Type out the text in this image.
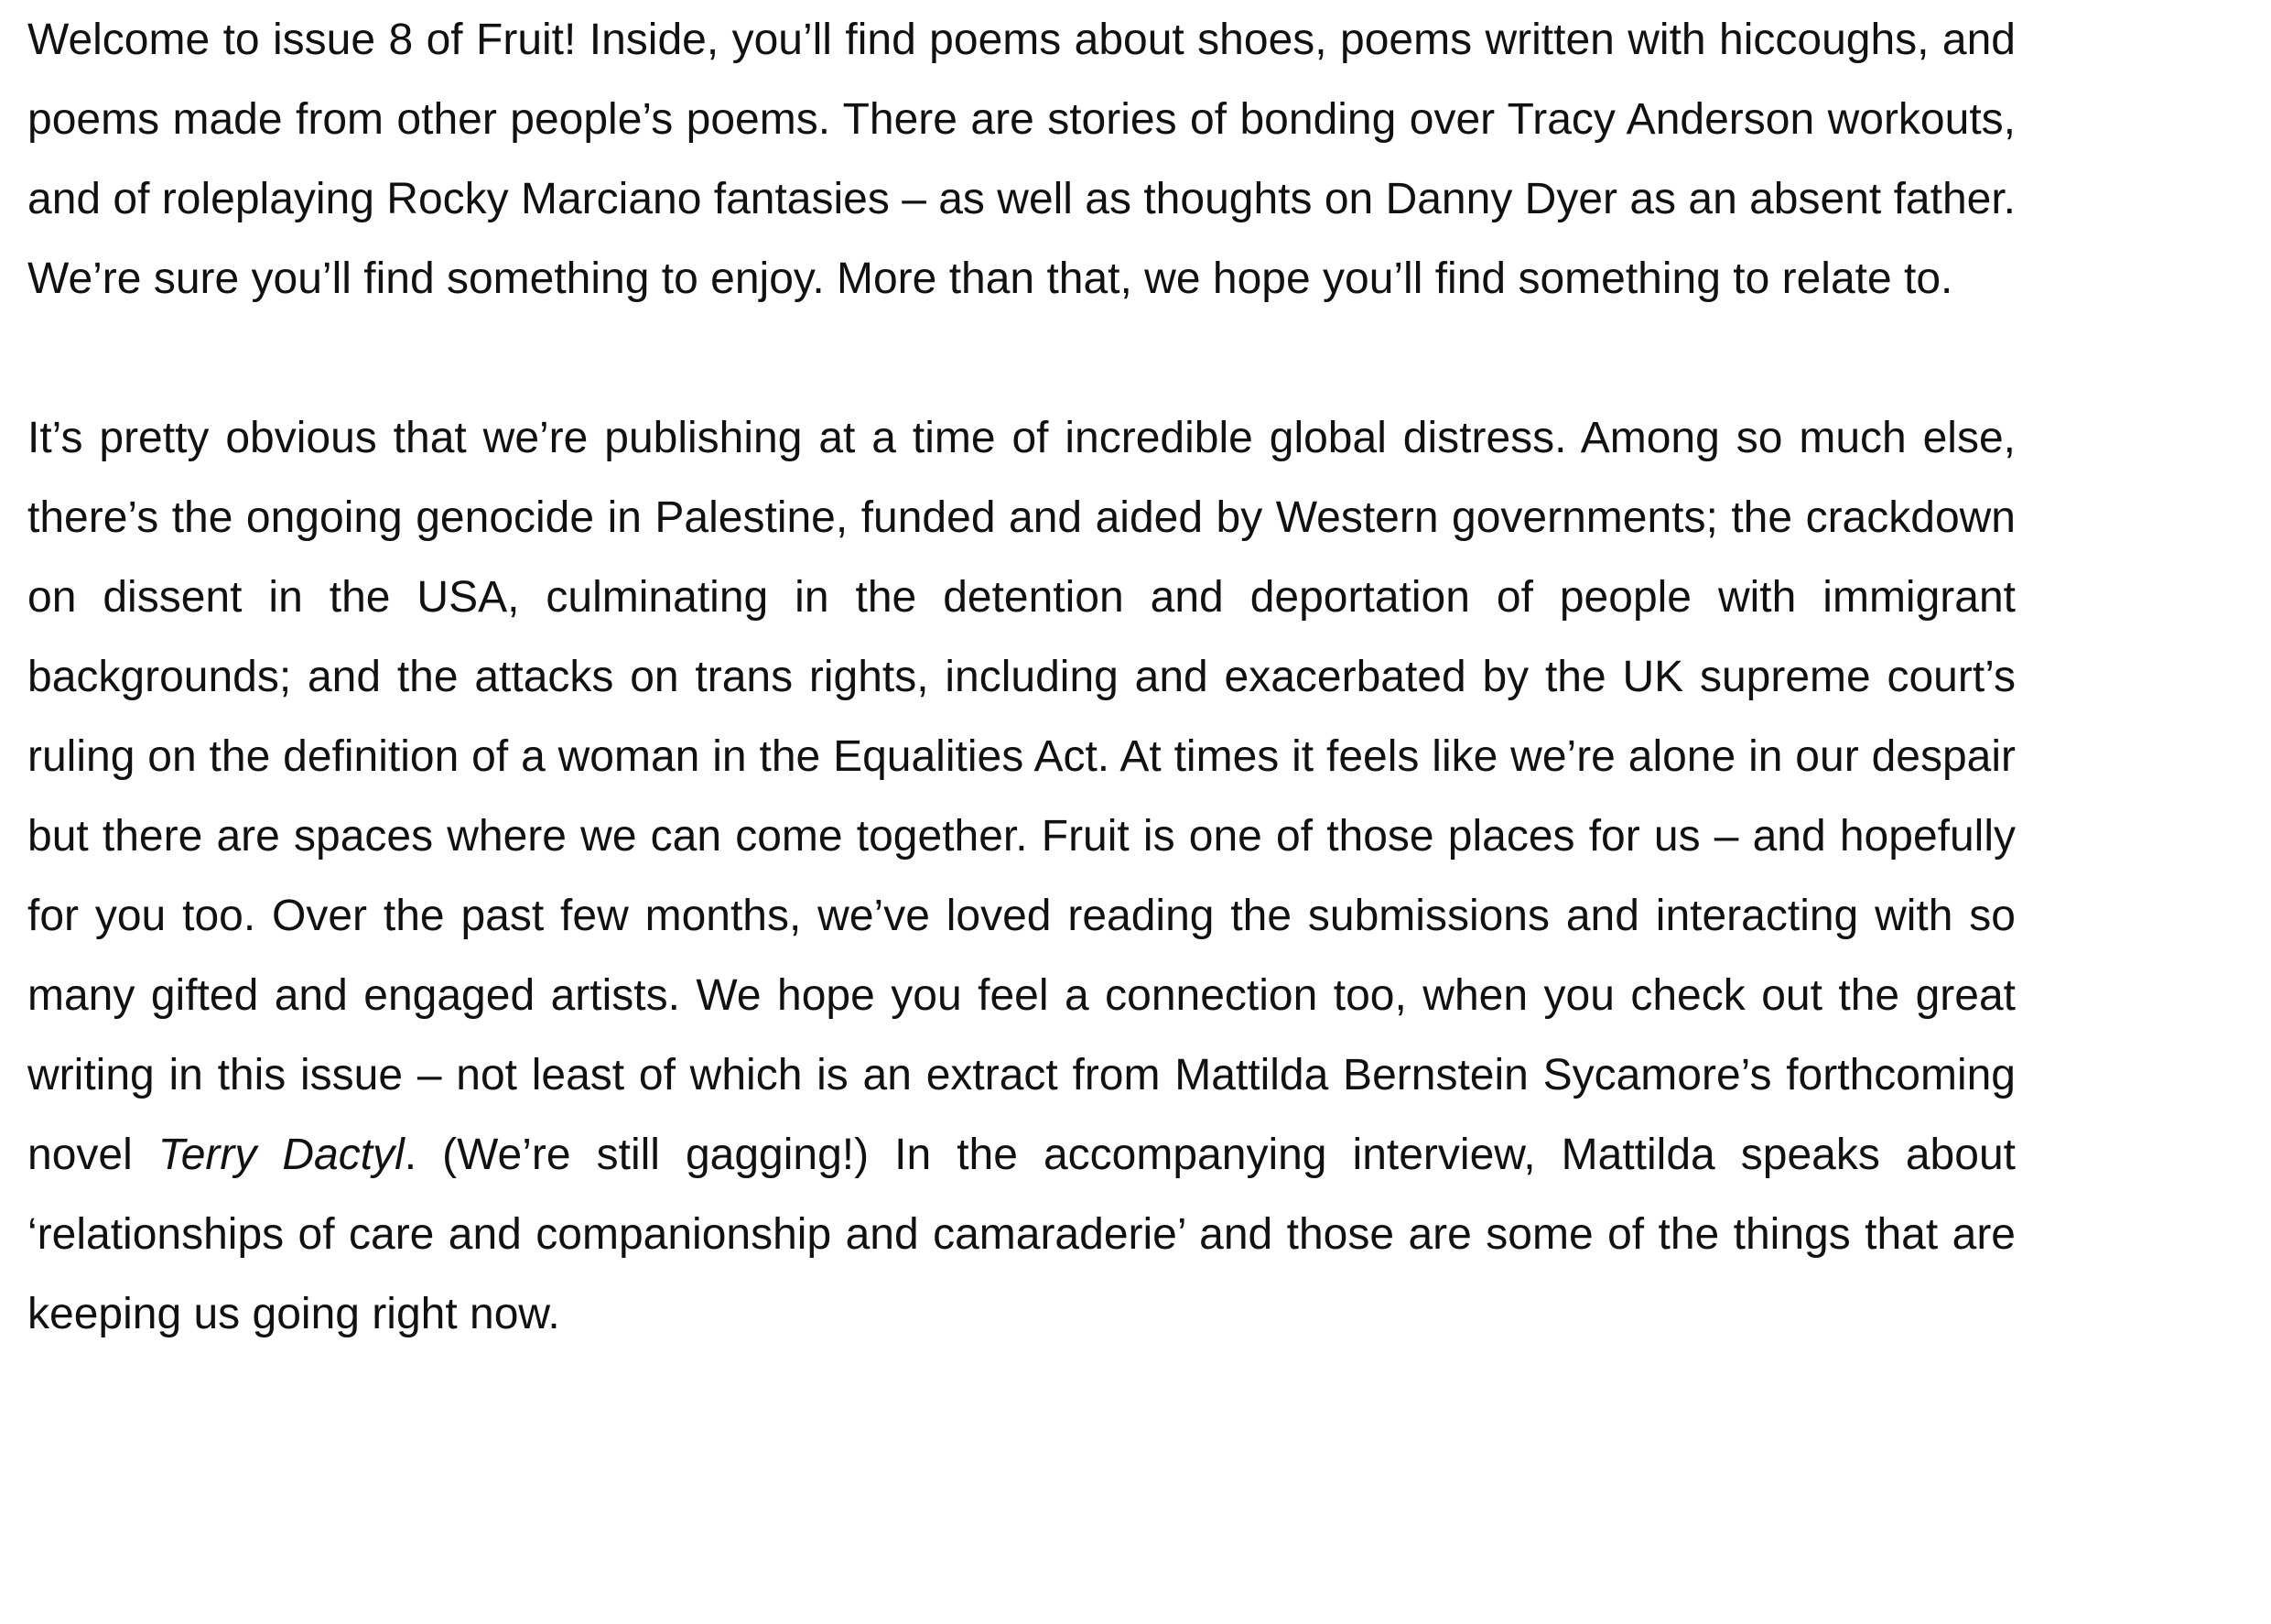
Welcome to issue 8 of Fruit! Inside, you’ll find poems about shoes, poems written with hiccoughs, and poems made from other people’s poems. There are stories of bonding over Tracy Anderson workouts, and of roleplaying Rocky Marciano fantasies – as well as thoughts on Danny Dyer as an absent father. We’re sure you’ll find something to enjoy. More than that, we hope you’ll find something to relate to.

It’s pretty obvious that we’re publishing at a time of incredible global distress. Among so much else, there’s the ongoing genocide in Palestine, funded and aided by Western governments; the crackdown on dissent in the USA, culminating in the detention and deportation of people with immigrant backgrounds; and the attacks on trans rights, including and exacerbated by the UK supreme court’s ruling on the definition of a woman in the Equalities Act. At times it feels like we’re alone in our despair but there are spaces where we can come together. Fruit is one of those places for us – and hopefully for you too. Over the past few months, we’ve loved reading the submissions and interacting with so many gifted and engaged artists. We hope you feel a connection too, when you check out the great writing in this issue – not least of which is an extract from Mattilda Bernstein Sycamore’s forthcoming novel Terry Dactyl. (We’re still gagging!) In the accompanying interview, Mattilda speaks about ‘relationships of care and companionship and camaraderie’ and those are some of the things that are keeping us going right now.
